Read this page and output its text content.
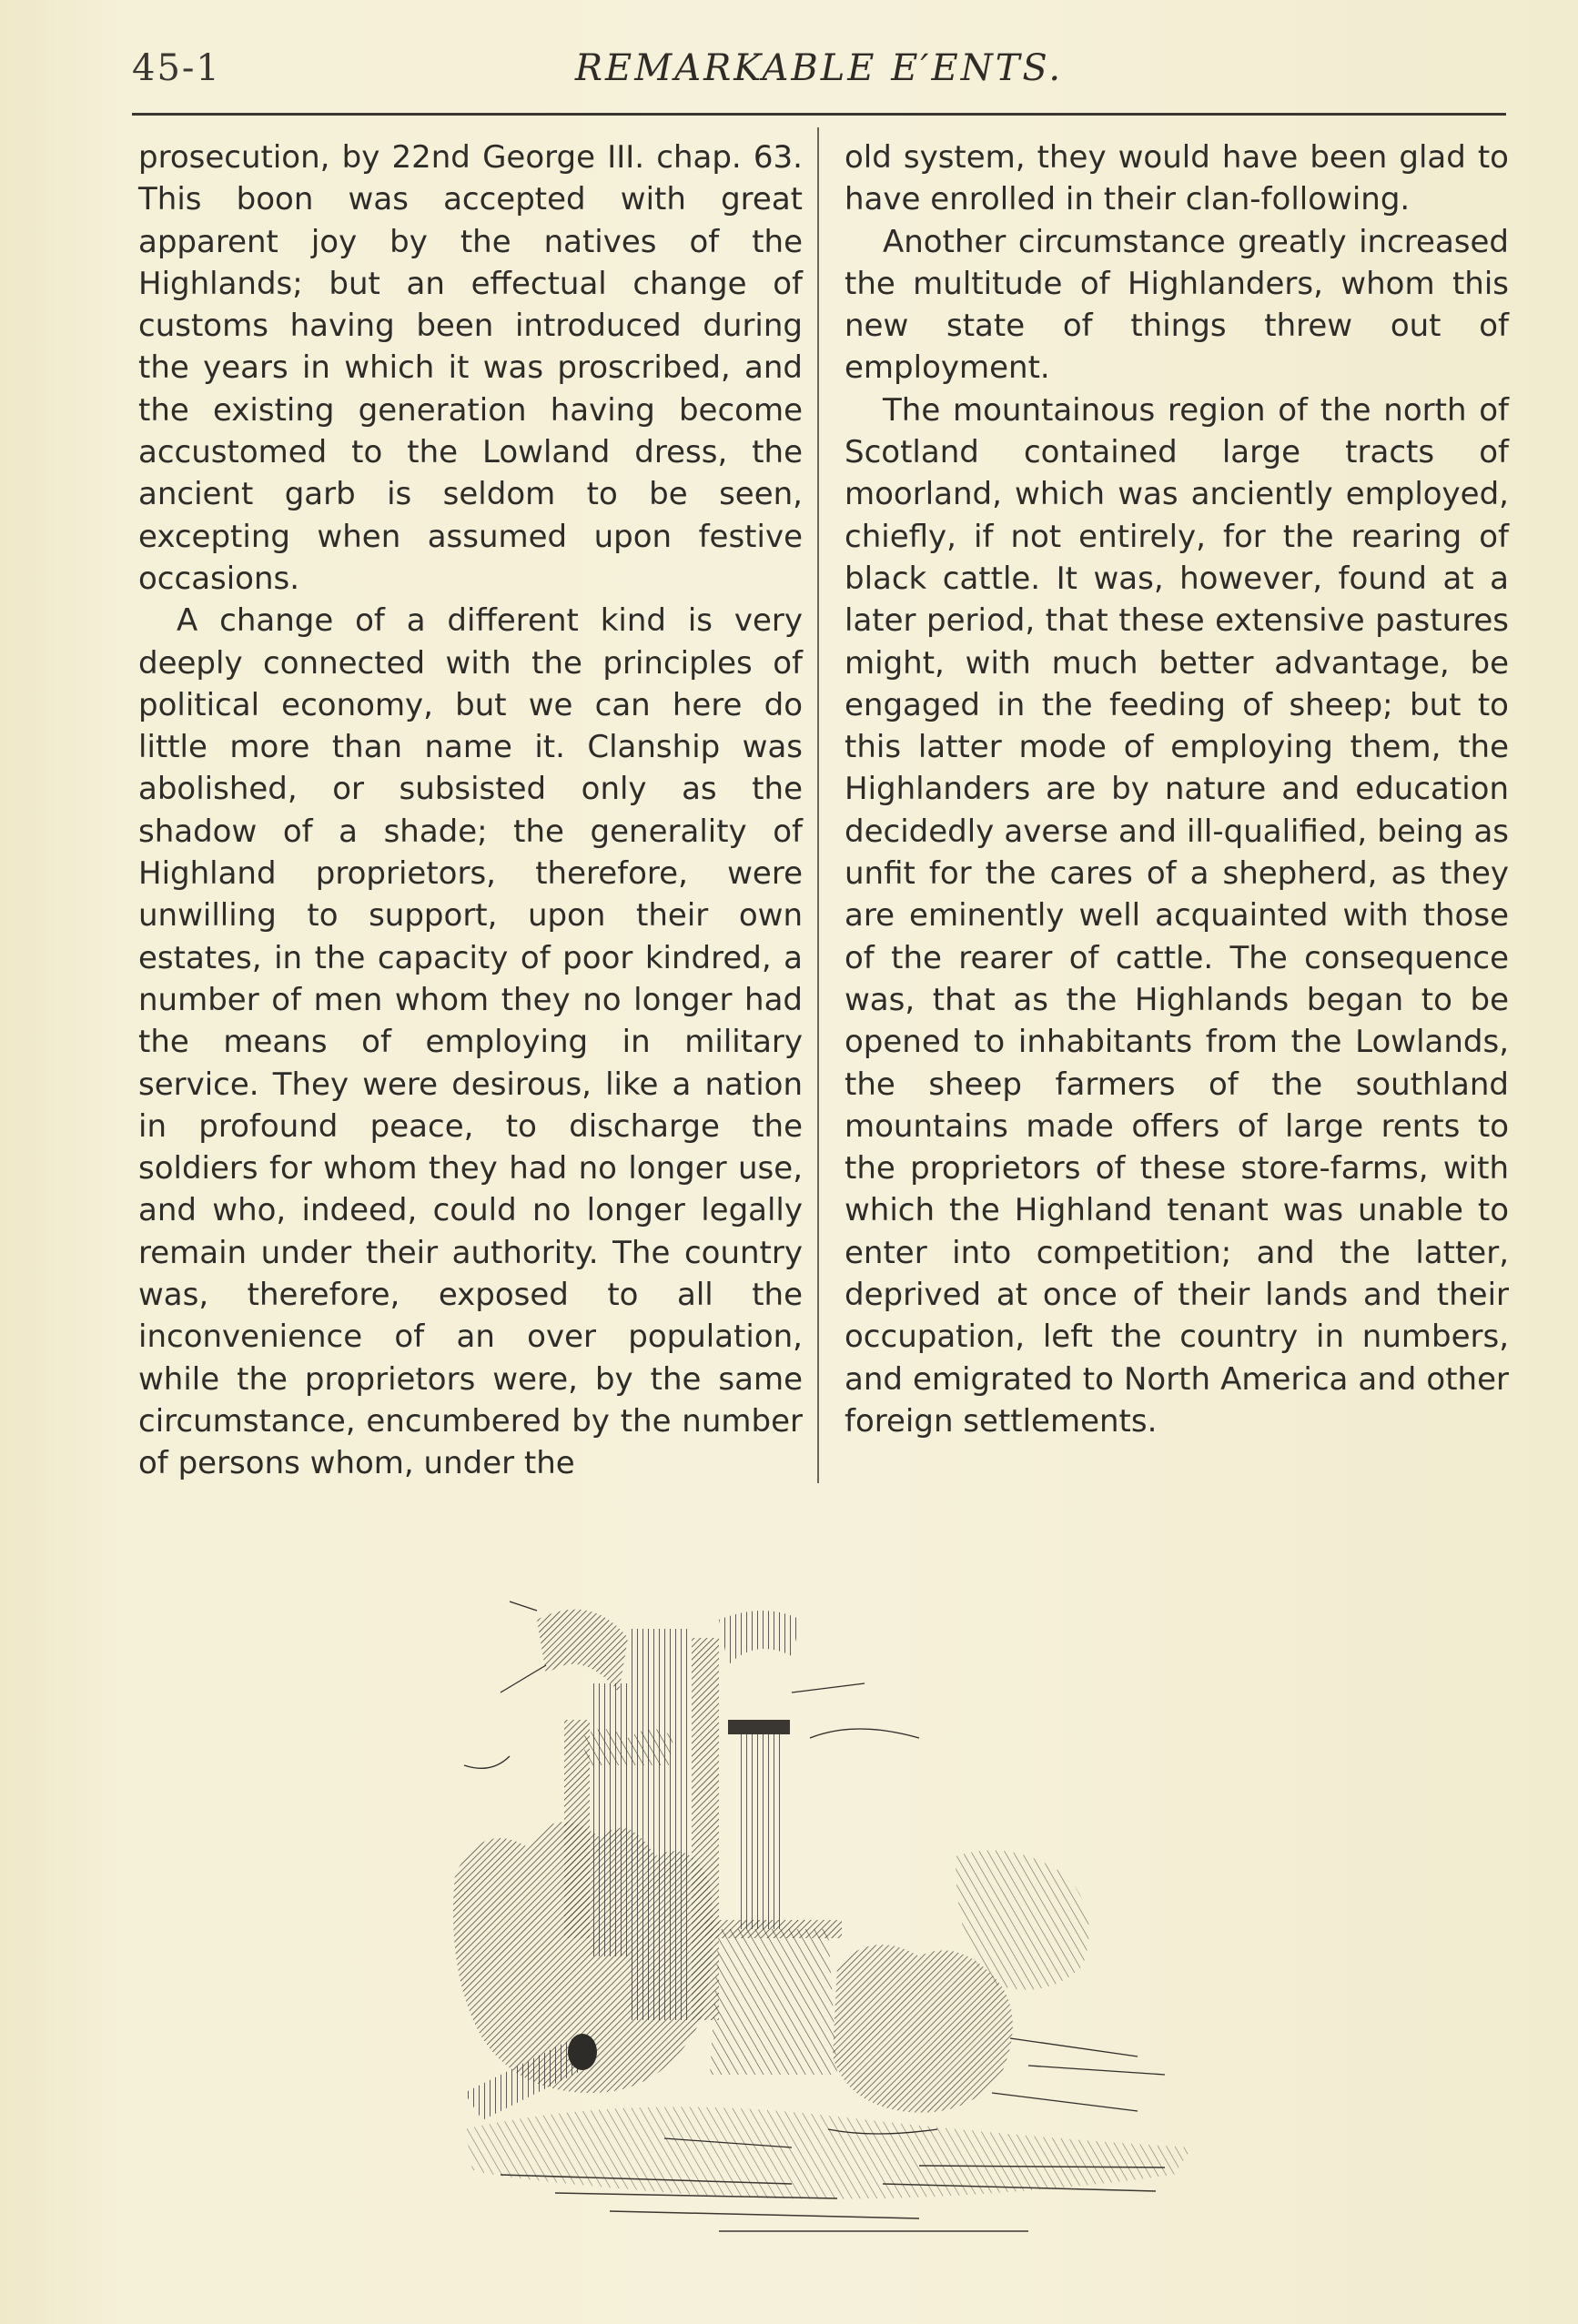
45-1	REMARKABLE E′ENTS.

prosecution, by 22nd George III. chap. 63. This boon was accepted with great apparent joy by the natives of the Highlands; but an effectual change of customs having been introduced during the years in which it was proscribed, and the existing generation having become accustomed to the Lowland dress, the ancient garb is seldom to be seen, excepting when assumed upon festive occasions.

A change of a different kind is very deeply connected with the principles of political economy, but we can here do little more than name it. Clanship was abolished, or subsisted only as the shadow of a shade; the generality of Highland proprietors, therefore, were unwilling to support, upon their own estates, in the capacity of poor kindred, a number of men whom they no longer had the means of employing in military service. They were desirous, like a nation in profound peace, to discharge the soldiers for whom they had no longer use, and who, indeed, could no longer legally remain under their authority. The country was, therefore, exposed to all the inconvenience of an over population, while the proprietors were, by the same circumstance, encumbered by the number of persons whom, under the

old system, they would have been glad to have enrolled in their clan-following.

Another circumstance greatly increased the multitude of Highlanders, whom this new state of things threw out of employment.

The mountainous region of the north of Scotland contained large tracts of moorland, which was anciently employed, chiefly, if not entirely, for the rearing of black cattle. It was, however, found at a later period, that these extensive pastures might, with much better advantage, be engaged in the feeding of sheep; but to this latter mode of employing them, the Highlanders are by nature and education decidedly averse and ill-qualified, being as unfit for the cares of a shepherd, as they are eminently well acquainted with those of the rearer of cattle. The consequence was, that as the Highlands began to be opened to inhabitants from the Lowlands, the sheep farmers of the southland mountains made offers of large rents to the proprietors of these store-farms, with which the Highland tenant was unable to enter into competition; and the latter, deprived at once of their lands and their occupation, left the country in numbers, and emigrated to North America and other foreign settlements.
